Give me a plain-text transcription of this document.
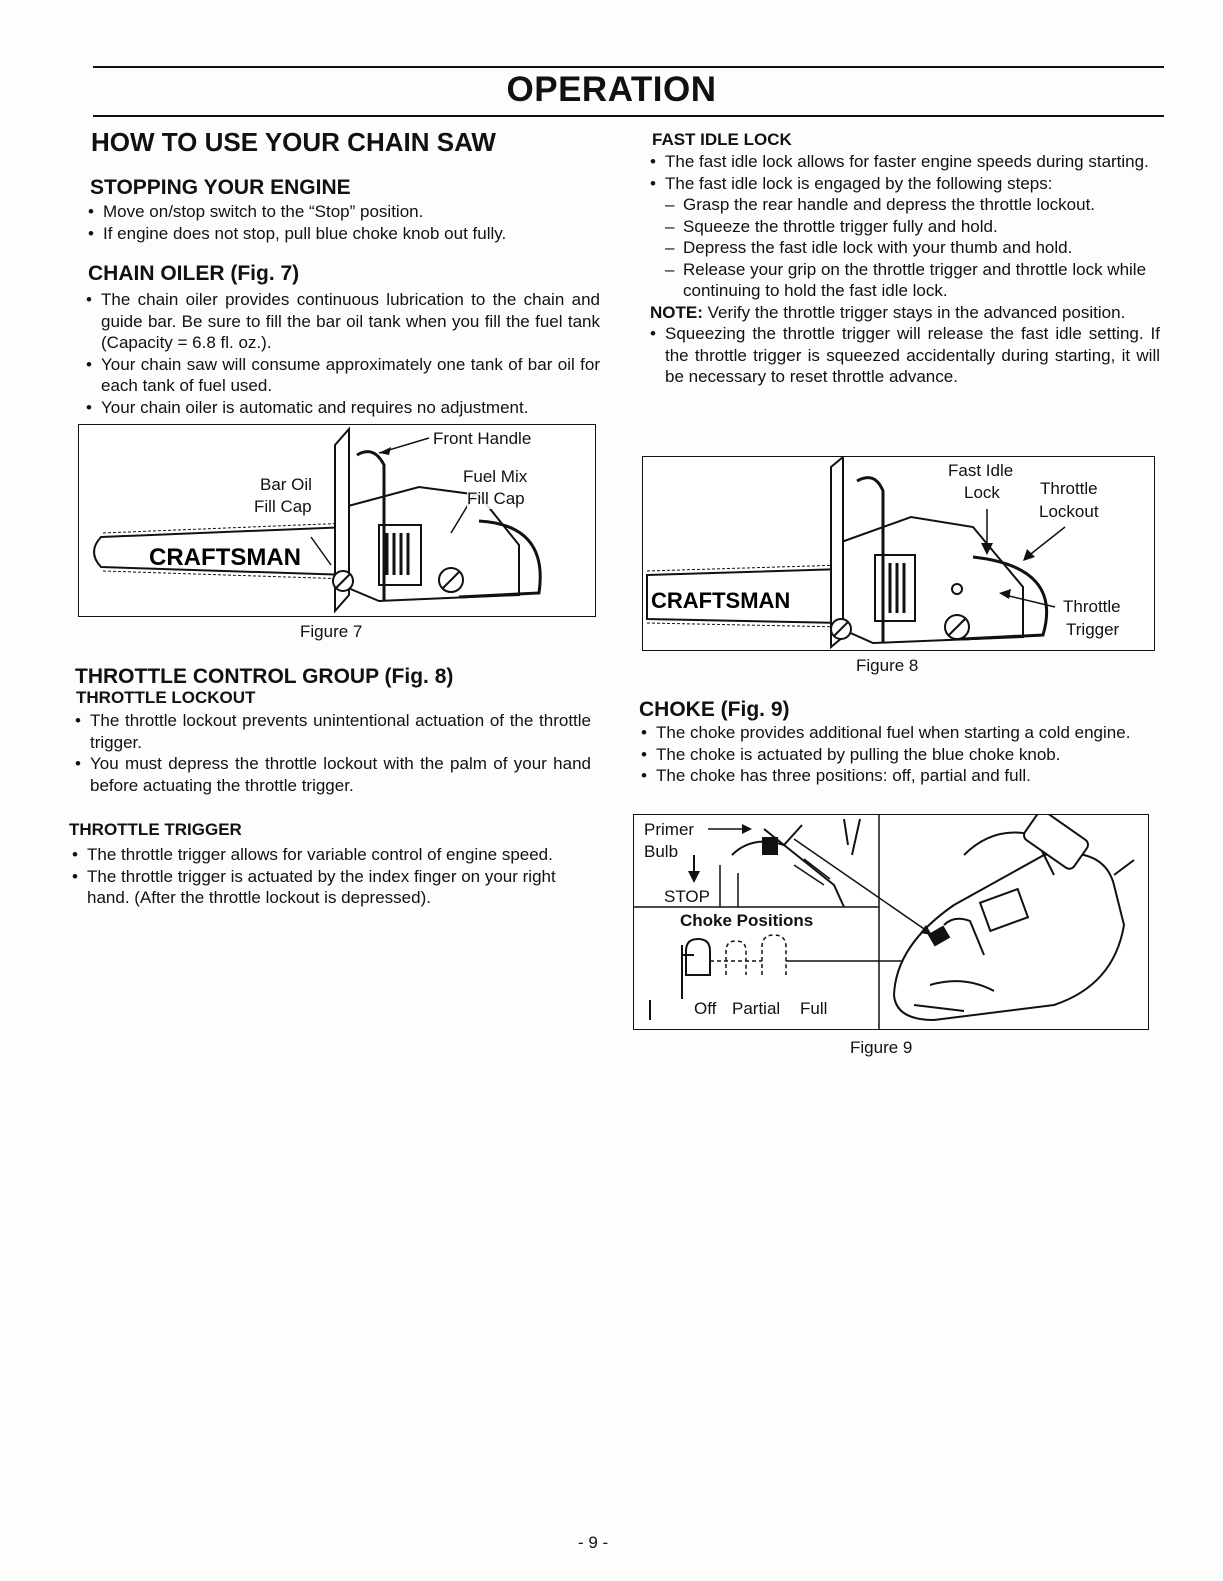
OPERATION
HOW TO USE YOUR CHAIN SAW
STOPPING YOUR ENGINE
• Move on/stop switch to the “Stop” position.
• If engine does not stop, pull blue choke knob out fully.
CHAIN OILER (Fig. 7)
• The chain oiler provides continuous lubrication to the chain and guide bar. Be sure to fill the bar oil tank when you fill the fuel tank (Capacity = 6.8 fl. oz.).
• Your chain saw will consume approximately one tank of bar oil for each tank of fuel used.
• Your chain oiler is automatic and requires no adjustment.
CRAFTSMAN
Front Handle
Bar Oil
Fill Cap
Fuel Mix
Fill Cap
Figure 7
THROTTLE CONTROL GROUP (Fig. 8)
THROTTLE LOCKOUT
• The throttle lockout prevents unintentional actuation of the throttle trigger.
• You must depress the throttle lockout with the palm of your hand before actuating the throttle trigger.
THROTTLE TRIGGER
• The throttle trigger allows for variable control of engine speed.
• The throttle trigger is actuated by the index finger on your right hand. (After the throttle lockout is depressed).
FAST IDLE LOCK
• The fast idle lock allows for faster engine speeds during starting.
• The fast idle lock is engaged by the following steps:
– Grasp the rear handle and depress the throttle lockout.
– Squeeze the throttle trigger fully and hold.
– Depress the fast idle lock with your thumb and hold.
– Release your grip on the throttle trigger and throttle lock while continuing to hold the fast idle lock.
NOTE: Verify the throttle trigger stays in the advanced position.
• Squeezing the throttle trigger will release the fast idle setting. If the throttle trigger is squeezed accidentally during starting, it will be necessary to reset throttle advance.
CRAFTSMAN
Fast Idle
Lock Throttle
Lockout
Throttle
Trigger
Figure 8
CHOKE (Fig. 9)
• The choke provides additional fuel when starting a cold engine.
• The choke is actuated by pulling the blue choke knob.
• The choke has three positions: off, partial and full.
Primer
Bulb
STOP
Choke Positions
Off Partial Full
Figure 9
- 9 -
